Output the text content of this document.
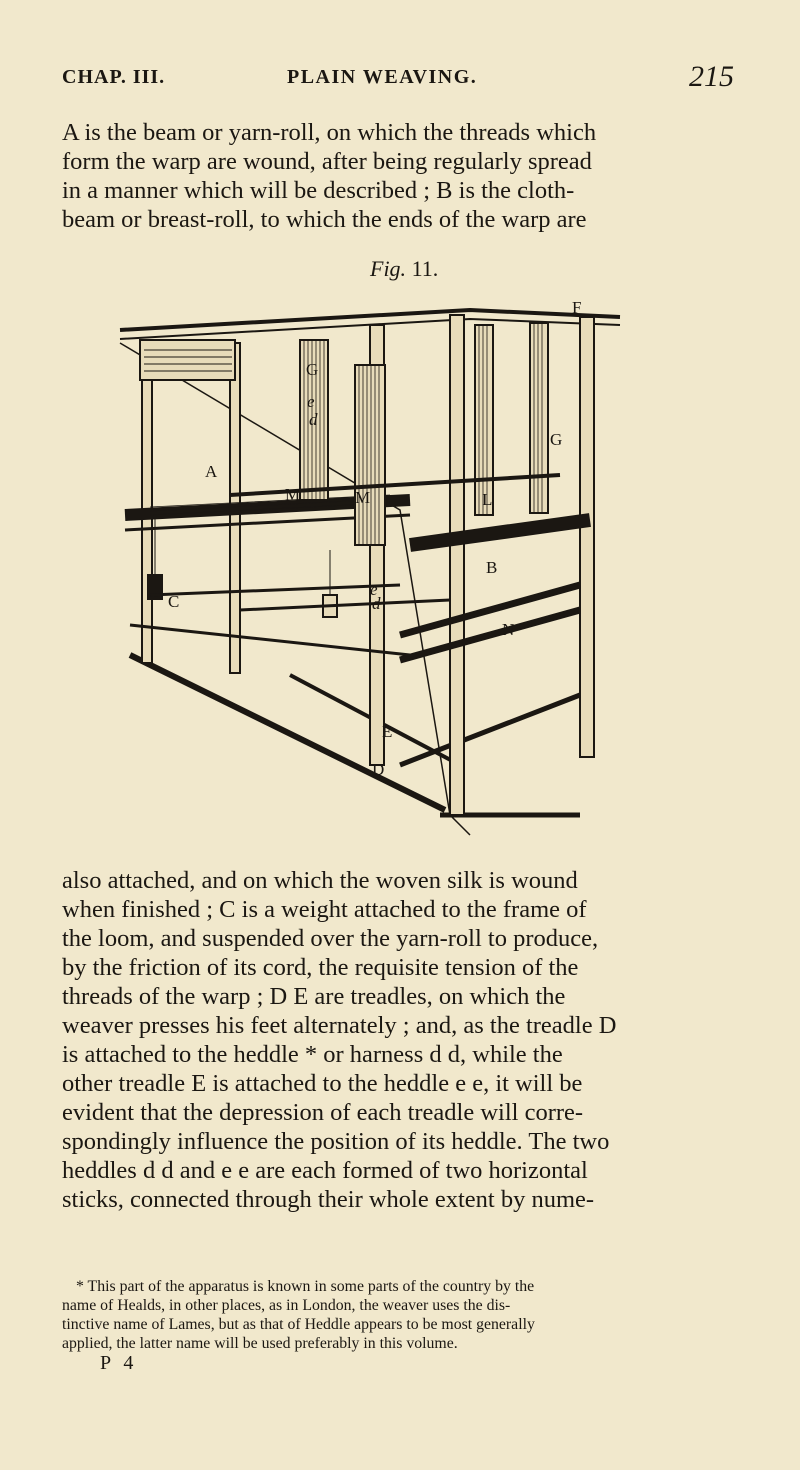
CHAP. III.	PLAIN WEAVING.	215

A is the beam or yarn-roll, on which the threads which
form the warp are wound, after being regularly spread
in a manner which will be described ; B is the cloth-
beam or breast-roll, to which the ends of the warp are

Fig. 11.
F
G
G
A
M	M
e
d
L
B
C
e
d
N
E
D

also attached, and on which the woven silk is wound
when finished ; C is a weight attached to the frame of
the loom, and suspended over the yarn-roll to produce,
by the friction of its cord, the requisite tension of the
threads of the warp ; D E are treadles, on which the
weaver presses his feet alternately ; and, as the treadle D
is attached to the heddle * or harness d d, while the
other treadle E is attached to the heddle e e, it will be
evident that the depression of each treadle will corre-
spondingly influence the position of its heddle. The two
heddles d d and e e are each formed of two horizontal
sticks, connected through their whole extent by nume-

* This part of the apparatus is known in some parts of the country by the
name of Healds, in other places, as in London, the weaver uses the dis-
tinctive name of Lames, but as that of Heddle appears to be most generally
applied, the latter name will be used preferably in this volume.
P 4
